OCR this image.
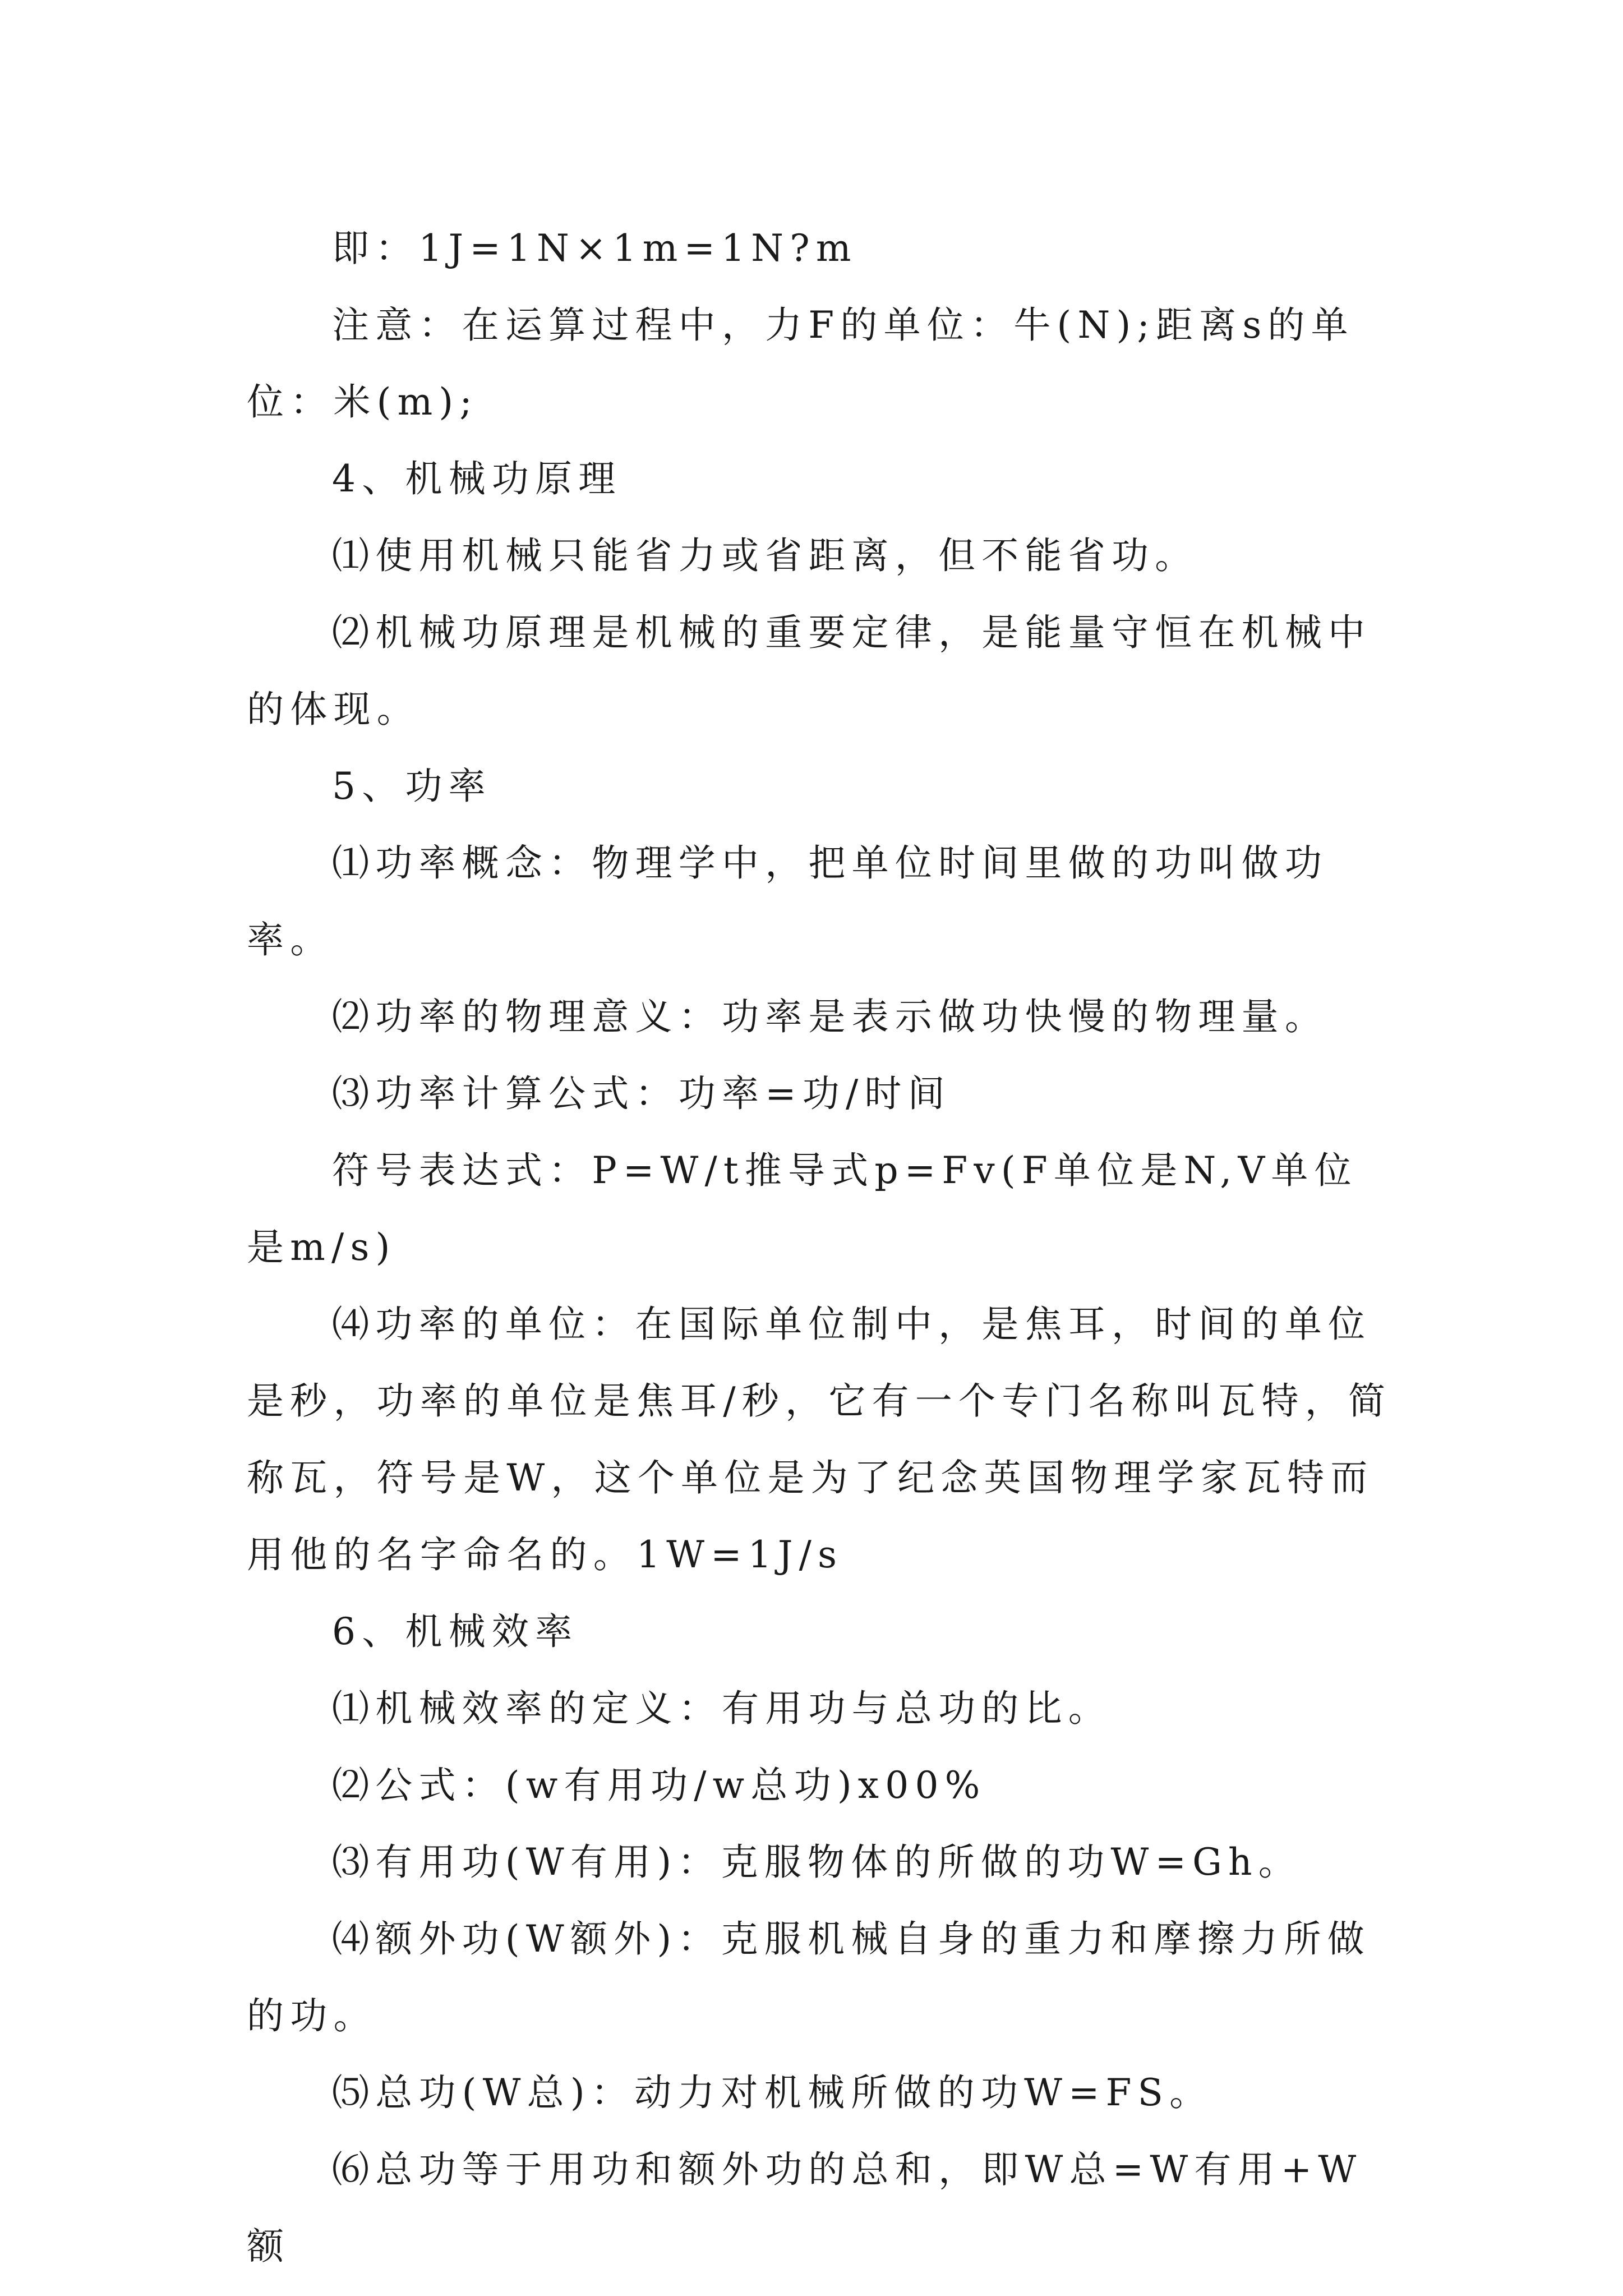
即：1J=1N×1m=1N?m

注意：在运算过程中，力F的单位：牛(N);距离s的单位：米(m);

4、机械功原理

⑴使用机械只能省力或省距离，但不能省功。

⑵机械功原理是机械的重要定律，是能量守恒在机械中的体现。

5、功率

⑴功率概念：物理学中，把单位时间里做的功叫做功率。

⑵功率的物理意义：功率是表示做功快慢的物理量。

⑶功率计算公式：功率=功/时间

符号表达式：P=W/t推导式p=Fv(F单位是N,V单位是m/s)

⑷功率的单位：在国际单位制中，是焦耳，时间的单位是秒，功率的单位是焦耳/秒，它有一个专门名称叫瓦特，简称瓦，符号是W，这个单位是为了纪念英国物理学家瓦特而用他的名字命名的。1W=1J/s

6、机械效率

⑴机械效率的定义：有用功与总功的比。

⑵公式：(w有用功/w总功)x00%

⑶有用功(W有用)：克服物体的所做的功W=Gh。

⑷额外功(W额外)：克服机械自身的重力和摩擦力所做的功。

⑸总功(W总)：动力对机械所做的功W=FS。

⑹总功等于用功和额外功的总和，即W总=W有用+W额
